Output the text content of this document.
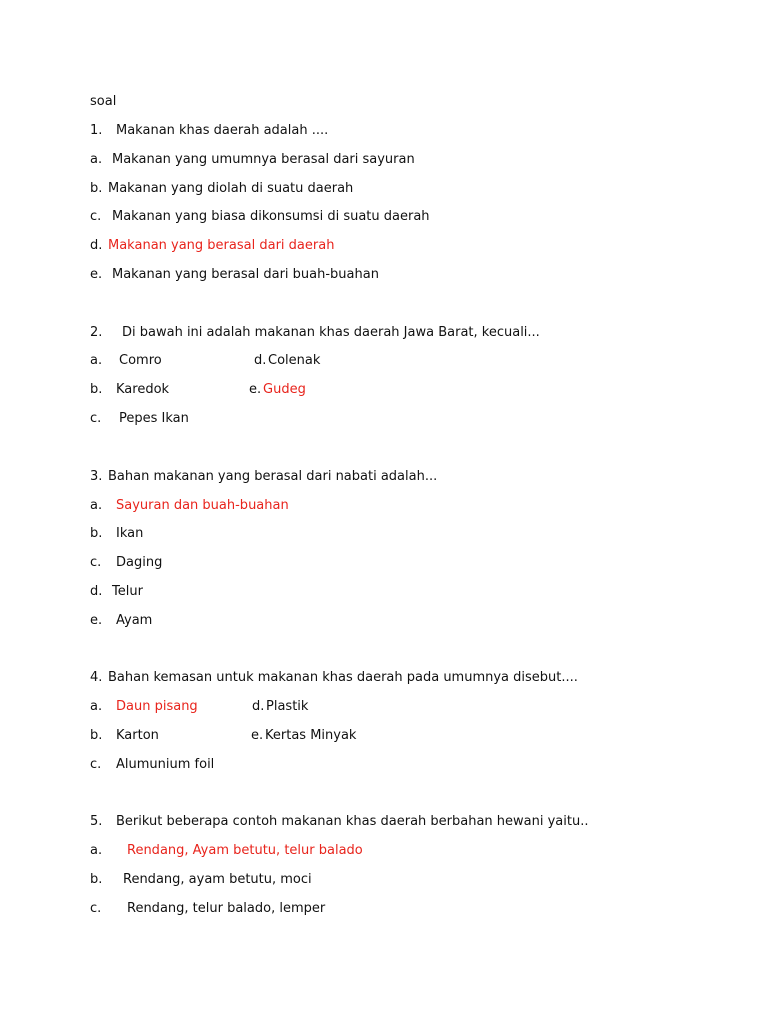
soal
1. Makanan khas daerah adalah ....
a. Makanan yang umumnya berasal dari sayuran
b. Makanan yang diolah di suatu daerah
c. Makanan yang biasa dikonsumsi di suatu daerah
d. Makanan yang berasal dari daerah
e. Makanan yang berasal dari buah-buahan
2. Di bawah ini adalah makanan khas daerah Jawa Barat, kecuali...
a. Comro	d. Colenak
b. Karedok	e. Gudeg
c. Pepes Ikan
3. Bahan makanan yang berasal dari nabati adalah...
a. Sayuran dan buah-buahan
b. Ikan
c. Daging
d. Telur
e. Ayam
4. Bahan kemasan untuk makanan khas daerah pada umumnya disebut....
a. Daun pisang	d. Plastik
b. Karton	e. Kertas Minyak
c. Alumunium foil
5. Berikut beberapa contoh makanan khas daerah berbahan hewani yaitu..
a. Rendang, Ayam betutu, telur balado
b. Rendang, ayam betutu, moci
c. Rendang, telur balado, lemper
